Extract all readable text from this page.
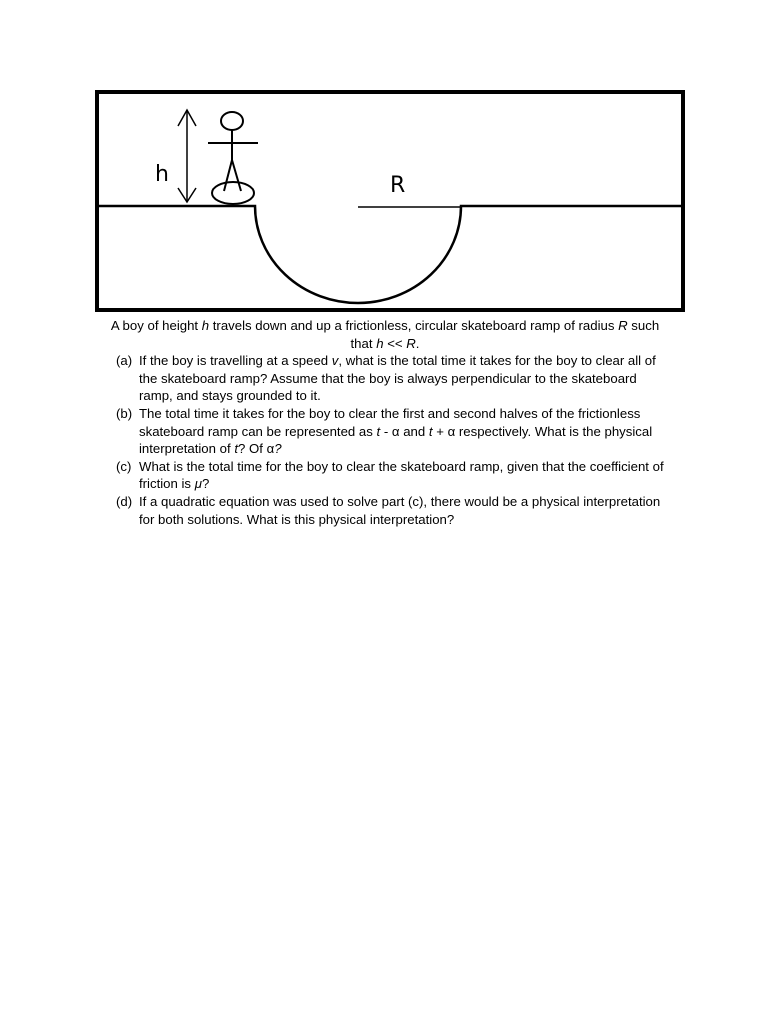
R
h

A boy of height h travels down and up a frictionless, circular skateboard ramp of radius R such that h << R.

(a) If the boy is travelling at a speed v, what is the total time it takes for the boy to clear all of the skateboard ramp? Assume that the boy is always perpendicular to the skateboard ramp, and stays grounded to it.
(b) The total time it takes for the boy to clear the first and second halves of the frictionless skateboard ramp can be represented as t - α and t + α respectively. What is the physical interpretation of t? Of α?
(c) What is the total time for the boy to clear the skateboard ramp, given that the coefficient of friction is μ?
(d) If a quadratic equation was used to solve part (c), there would be a physical interpretation for both solutions. What is this physical interpretation?
